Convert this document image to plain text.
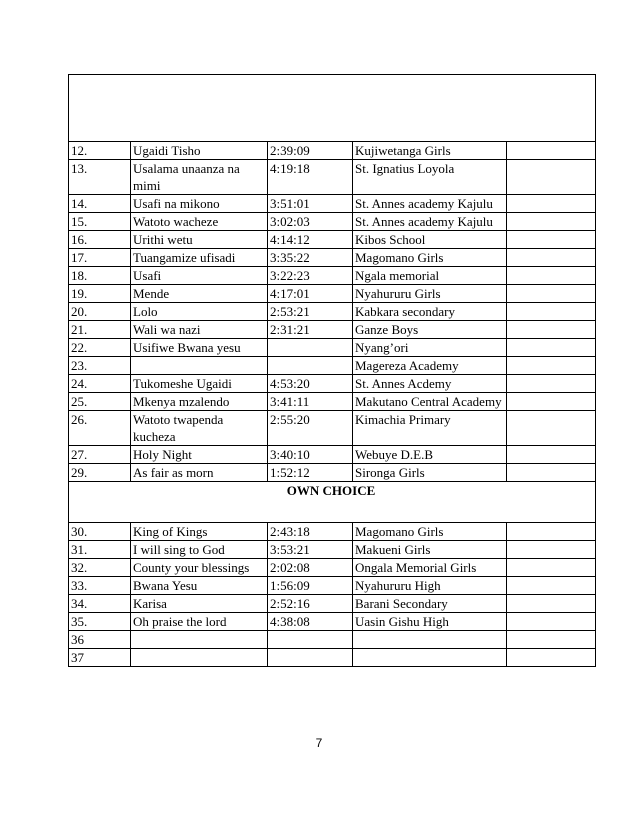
12.	Ugaidi Tisho	2:39:09	Kujiwetanga Girls	
13.	Usalama unaanza na mimi	4:19:18	St. Ignatius Loyola	
14.	Usafi na mikono	3:51:01	St. Annes academy Kajulu	
15.	Watoto wacheze	3:02:03	St. Annes academy Kajulu	
16.	Urithi wetu	4:14:12	Kibos School	
17.	Tuangamize ufisadi	3:35:22	Magomano Girls	
18.	Usafi	3:22:23	Ngala memorial	
19.	Mende	4:17:01	Nyahururu Girls	
20.	Lolo	2:53:21	Kabkara secondary	
21.	Wali wa nazi	2:31:21	Ganze Boys	
22.	Usifiwe Bwana yesu		Nyang’ori	
23.			Magereza Academy	
24.	Tukomeshe Ugaidi	4:53:20	St. Annes Acdemy	
25.	Mkenya mzalendo	3:41:11	Makutano Central Academy	
26.	Watoto twapenda kucheza	2:55:20	Kimachia Primary	
27.	Holy Night	3:40:10	Webuye D.E.B	
29.	As fair as morn	1:52:12	Sironga Girls	
OWN CHOICE				
30.	King of Kings	2:43:18	Magomano Girls	
31.	I will sing to God	3:53:21	Makueni Girls	
32.	County your blessings	2:02:08	Ongala Memorial Girls	
33.	Bwana Yesu	1:56:09	Nyahururu High	
34.	Karisa	2:52:16	Barani Secondary	
35.	Oh praise the lord	4:38:08	Uasin Gishu High	
36				
37				
7
